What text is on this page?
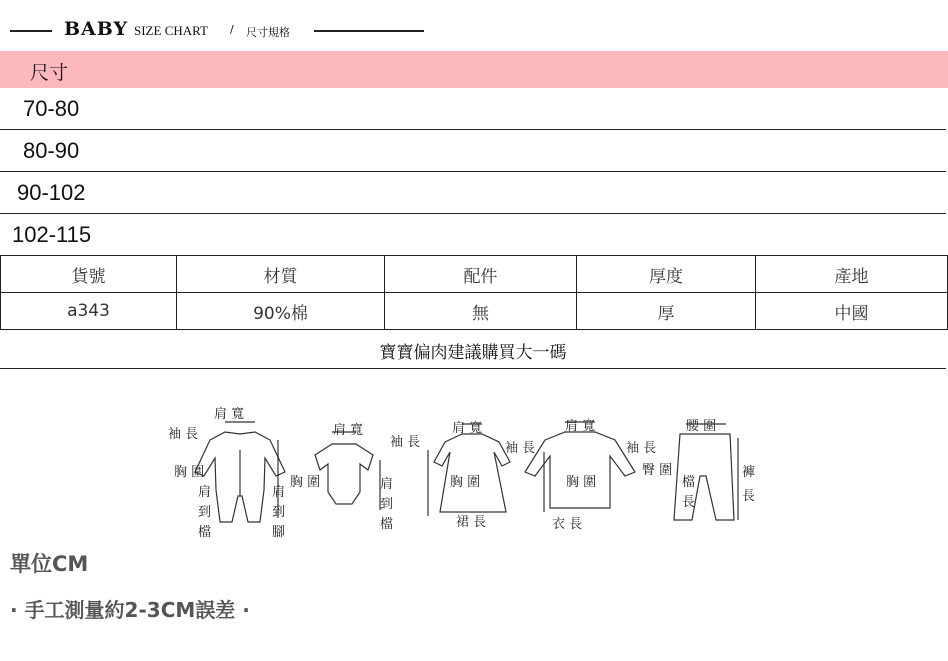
BABY SIZE CHART / 尺寸規格
尺寸
70-80
80-90
90-102
102-115
貨號	材質	配件	厚度	產地
a343	90%棉	無	厚	中國
寶寶偏肉建議購買大一碼
肩 寬
袖 長
胸 圍
肩
到
檔
肩
到
腳
肩 寬
袖 長
胸 圍	肩
到
檔
肩 寬
袖 長
胸 圍
裙 長
肩 寬
袖 長
胸 圍
衣 長
腰 圍
臀 圍
檔
長
褲
長
單位CM
· 手工測量約2-3CM誤差 ·
